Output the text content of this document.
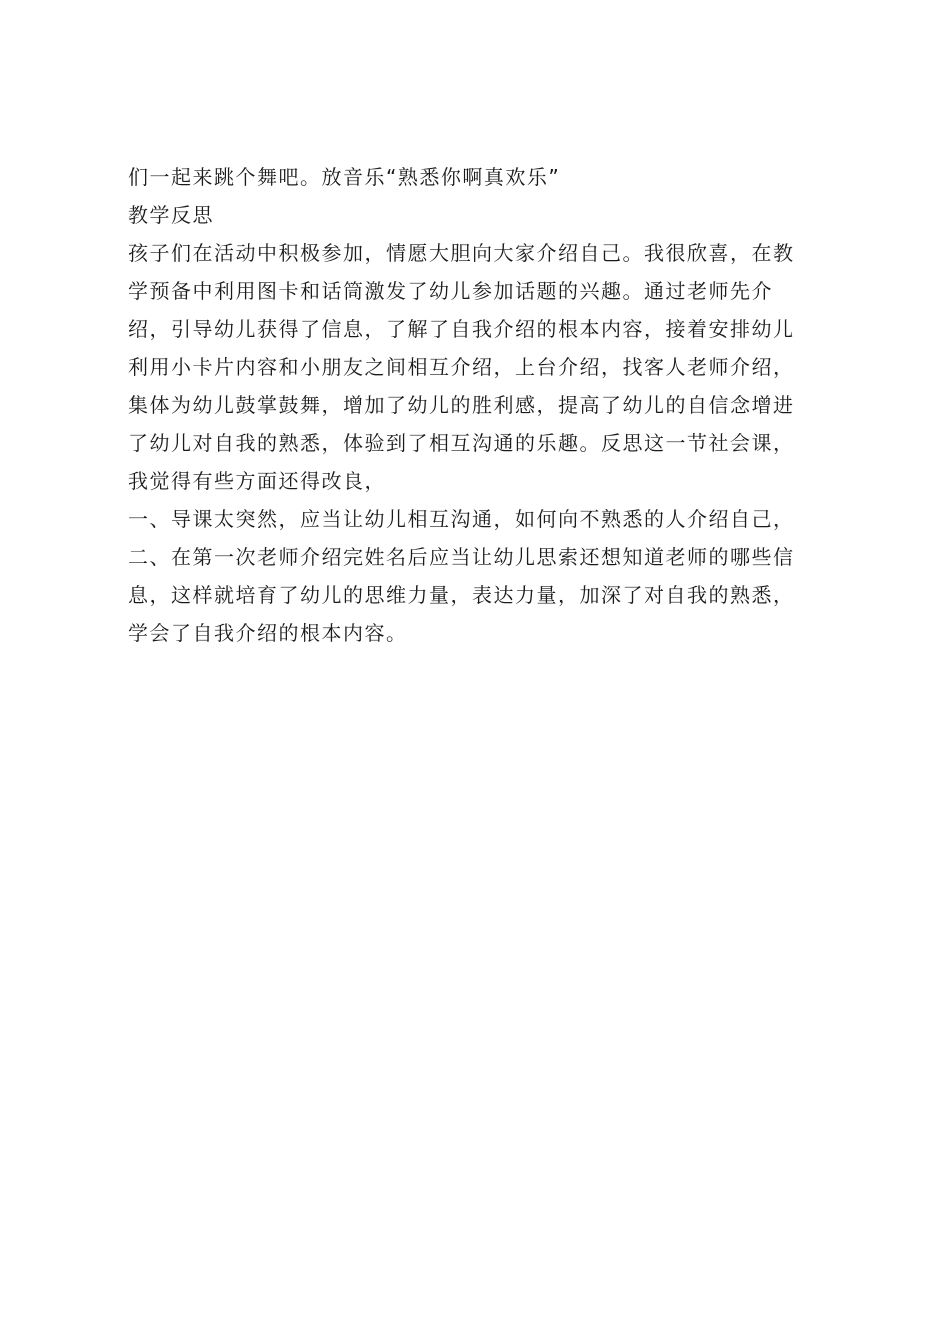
们一起来跳个舞吧。放音乐“熟悉你啊真欢乐”
教学反思
孩子们在活动中积极参加，情愿大胆向大家介绍自己。我很欣喜，在教
学预备中利用图卡和话筒激发了幼儿参加话题的兴趣。通过老师先介
绍，引导幼儿获得了信息，了解了自我介绍的根本内容，接着安排幼儿
利用小卡片内容和小朋友之间相互介绍，上台介绍，找客人老师介绍，
集体为幼儿鼓掌鼓舞，增加了幼儿的胜利感，提高了幼儿的自信念增进
了幼儿对自我的熟悉，体验到了相互沟通的乐趣。反思这一节社会课，
我觉得有些方面还得改良，
一、导课太突然，应当让幼儿相互沟通，如何向不熟悉的人介绍自己，
二、在第一次老师介绍完姓名后应当让幼儿思索还想知道老师的哪些信
息，这样就培育了幼儿的思维力量，表达力量，加深了对自我的熟悉，
学会了自我介绍的根本内容。
